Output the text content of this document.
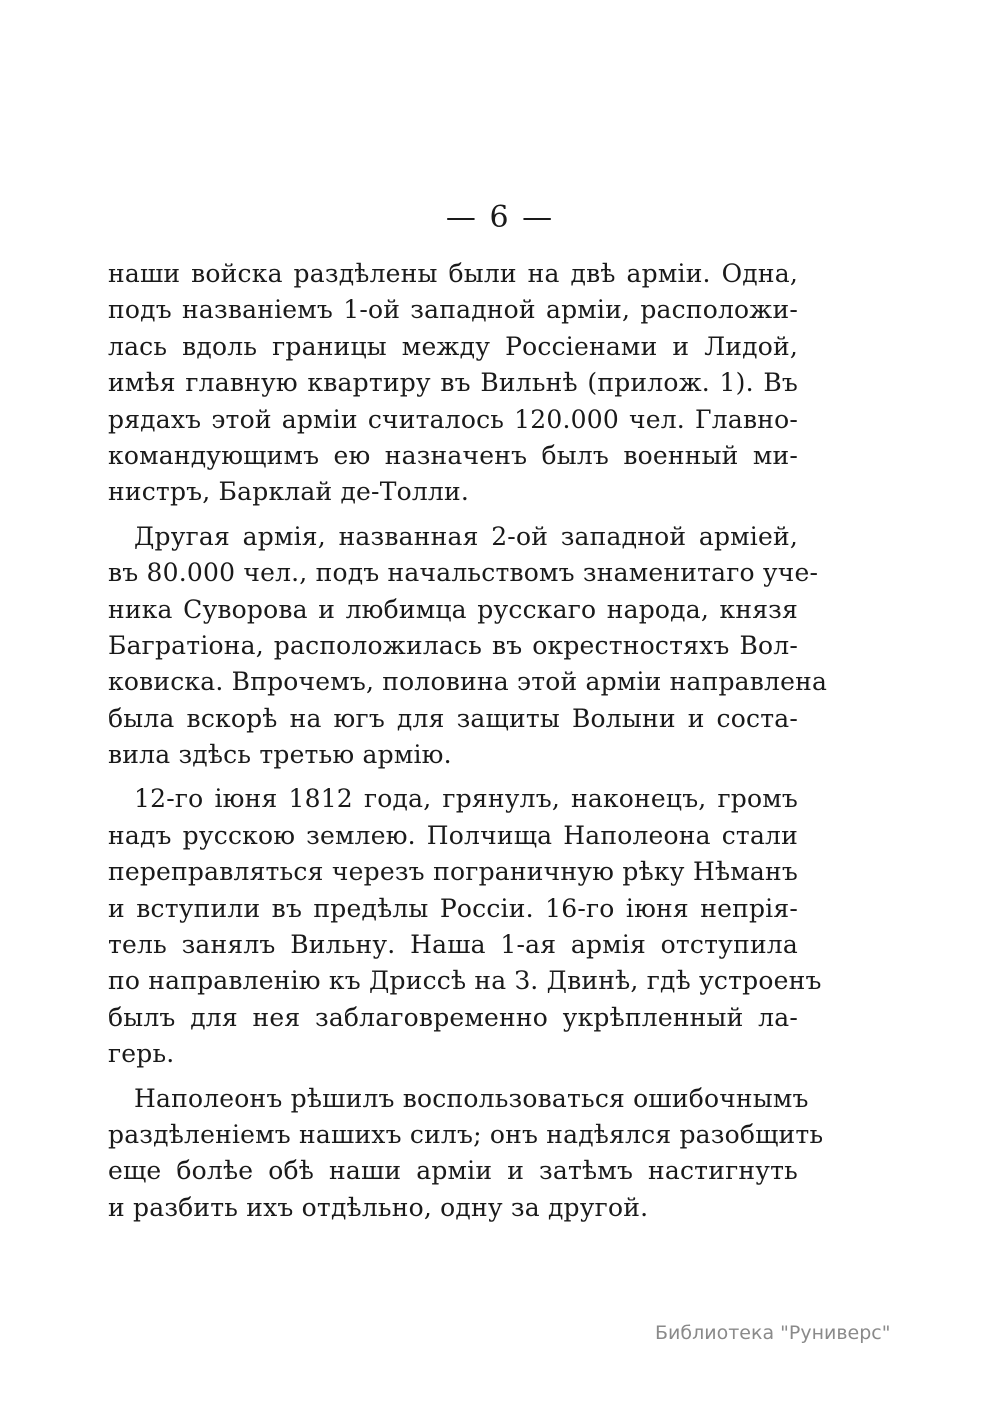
— 6 —
наши войска раздѣлены были на двѣ арміи. Одна,
подъ названіемъ 1-ой западной арміи, расположи-
лась вдоль границы между Россіенами и Лидой,
имѣя главную квартиру въ Вильнѣ (прилож. 1). Въ
рядахъ этой арміи считалось 120.000 чел. Главно-
командующимъ ею назначенъ былъ военный ми-
нистръ, Барклай де-Толли.
Другая армія, названная 2-ой западной арміей,
въ 80.000 чел., подъ начальствомъ знаменитаго уче-
ника Суворова и любимца русскаго народа, князя
Багратіона, расположилась въ окрестностяхъ Вол-
ковиска. Впрочемъ, половина этой арміи направлена
была вскорѣ на югъ для защиты Волыни и соста-
вила здѣсь третью армію.
12-го іюня 1812 года, грянулъ, наконецъ, громъ
надъ русскою землею. Полчища Наполеона стали
переправляться черезъ пограничную рѣку Нѣманъ
и вступили въ предѣлы Россіи. 16-го іюня непрія-
тель занялъ Вильну. Наша 1-ая армія отступила
по направленію къ Дриссѣ на З. Двинѣ, гдѣ устроенъ
былъ для нея заблаговременно укрѣпленный ла-
герь.
Наполеонъ рѣшилъ воспользоваться ошибочнымъ
раздѣленіемъ нашихъ силъ; онъ надѣялся разобщить
еще болѣе обѣ наши арміи и затѣмъ настигнуть
и разбить ихъ отдѣльно, одну за другой.
Библиотека "Руниверс"
